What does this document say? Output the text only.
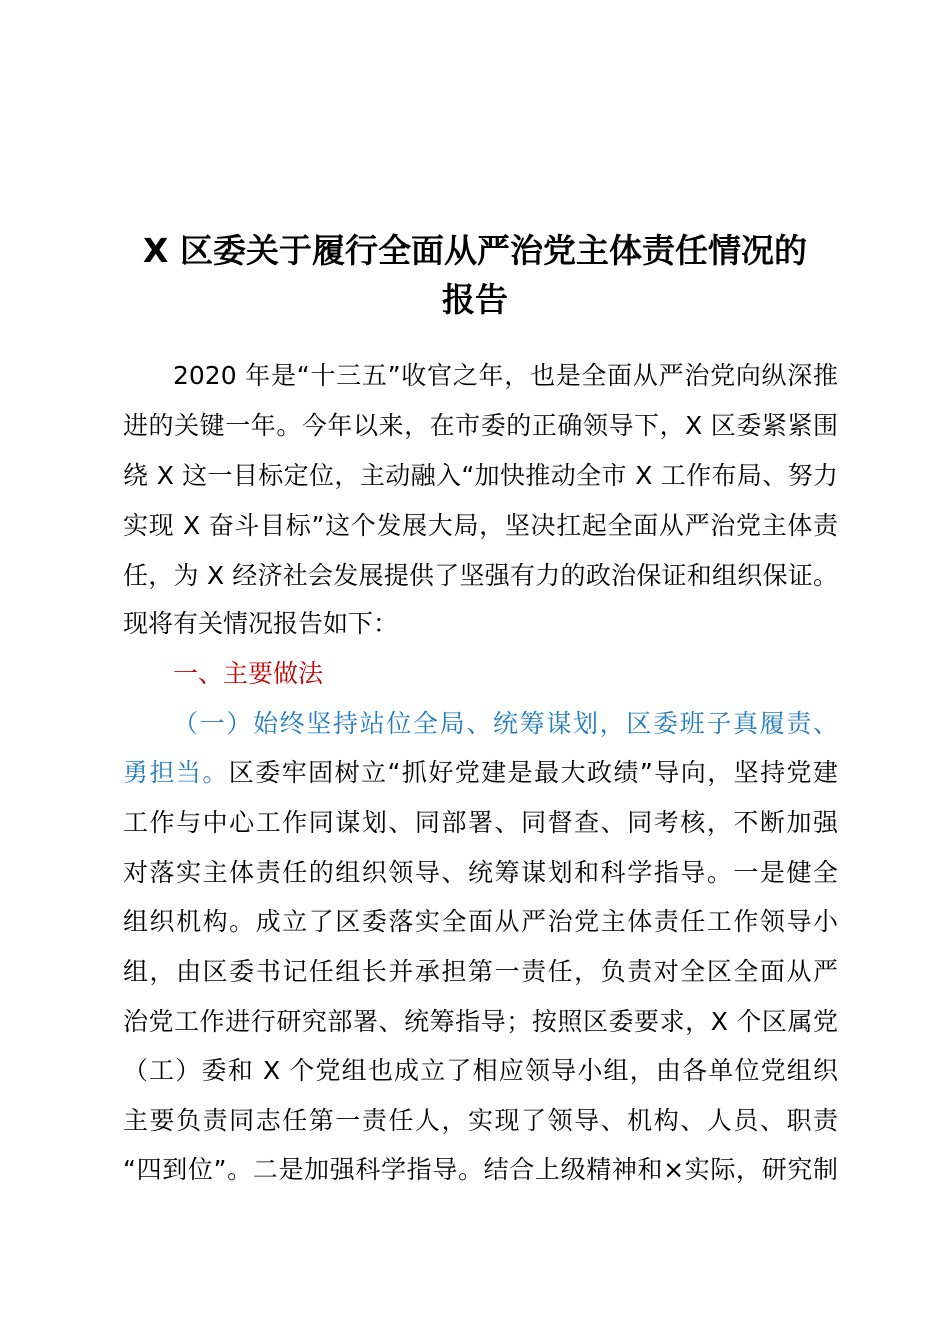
X 区委关于履行全面从严治党主体责任情况的
报告

2020 年是“十三五”收官之年，也是全面从严治党向纵深推

进的关键一年。今年以来，在市委的正确领导下，X 区委紧紧围

绕 X 这一目标定位，主动融入“加快推动全市 X 工作布局、努力

实现 X 奋斗目标”这个发展大局，坚决扛起全面从严治党主体责

任，为 X 经济社会发展提供了坚强有力的政治保证和组织保证。

现将有关情况报告如下：

一、主要做法

（一）始终坚持站位全局、统筹谋划，区委班子真履责、

勇担当。区委牢固树立“抓好党建是最大政绩”导向，坚持党建

工作与中心工作同谋划、同部署、同督查、同考核，不断加强

对落实主体责任的组织领导、统筹谋划和科学指导。一是健全

组织机构。成立了区委落实全面从严治党主体责任工作领导小

组，由区委书记任组长并承担第一责任，负责对全区全面从严

治党工作进行研究部署、统筹指导；按照区委要求，X 个区属党

（工）委和 X 个党组也成立了相应领导小组，由各单位党组织

主要负责同志任第一责任人，实现了领导、机构、人员、职责

“四到位”。二是加强科学指导。结合上级精神和×实际，研究制
